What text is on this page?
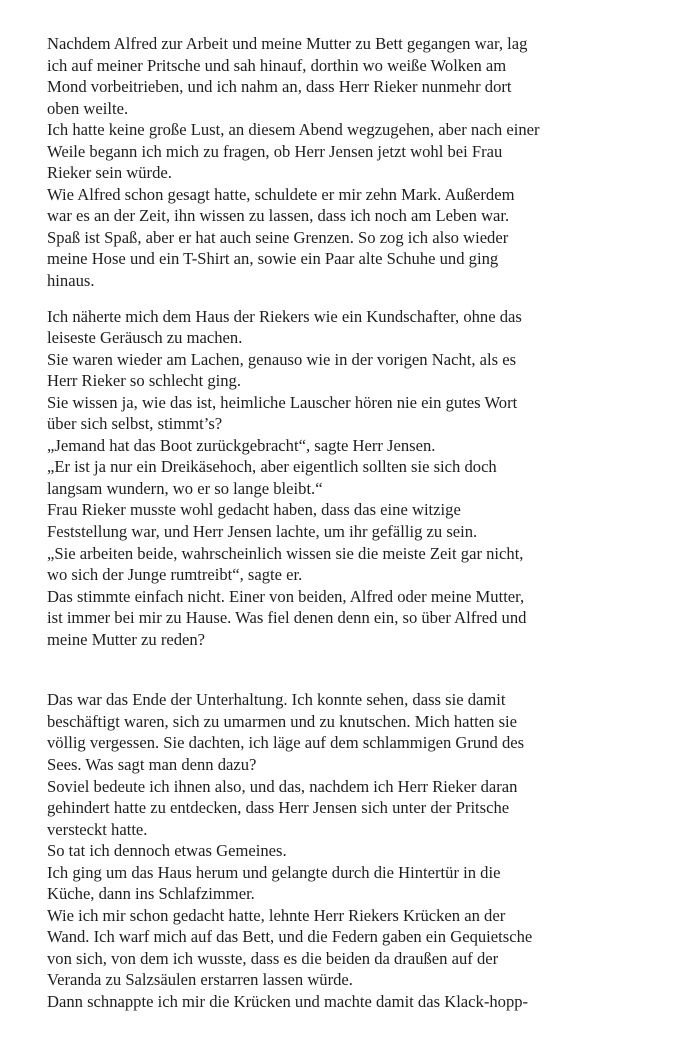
Nachdem Alfred zur Arbeit und meine Mutter zu Bett gegangen war, lag
ich auf meiner Pritsche und sah hinauf, dorthin wo weiße Wolken am
Mond vorbeitrieben, und ich nahm an, dass Herr Rieker nunmehr dort
oben weilte.
Ich hatte keine große Lust, an diesem Abend wegzugehen, aber nach einer
Weile begann ich mich zu fragen, ob Herr Jensen jetzt wohl bei Frau
Rieker sein würde.
Wie Alfred schon gesagt hatte, schuldete er mir zehn Mark. Außerdem
war es an der Zeit, ihn wissen zu lassen, dass ich noch am Leben war.
Spaß ist Spaß, aber er hat auch seine Grenzen. So zog ich also wieder
meine Hose und ein T-Shirt an, sowie ein Paar alte Schuhe und ging
hinaus.
Ich näherte mich dem Haus der Riekers wie ein Kundschafter, ohne das
leiseste Geräusch zu machen.
Sie waren wieder am Lachen, genauso wie in der vorigen Nacht, als es
Herr Rieker so schlecht ging.
Sie wissen ja, wie das ist, heimliche Lauscher hören nie ein gutes Wort
über sich selbst, stimmt’s?
„Jemand hat das Boot zurückgebracht“, sagte Herr Jensen.
„Er ist ja nur ein Dreikäsehoch, aber eigentlich sollten sie sich doch
langsam wundern, wo er so lange bleibt.“
Frau Rieker musste wohl gedacht haben, dass das eine witzige
Feststellung war, und Herr Jensen lachte, um ihr gefällig zu sein.
„Sie arbeiten beide, wahrscheinlich wissen sie die meiste Zeit gar nicht,
wo sich der Junge rumtreibt“, sagte er.
Das stimmte einfach nicht. Einer von beiden, Alfred oder meine Mutter,
ist immer bei mir zu Hause. Was fiel denen denn ein, so über Alfred und
meine Mutter zu reden?
Das war das Ende der Unterhaltung. Ich konnte sehen, dass sie damit
beschäftigt waren, sich zu umarmen und zu knutschen. Mich hatten sie
völlig vergessen. Sie dachten, ich läge auf dem schlammigen Grund des
Sees. Was sagt man denn dazu?
Soviel bedeute ich ihnen also, und das, nachdem ich Herr Rieker daran
gehindert hatte zu entdecken, dass Herr Jensen sich unter der Pritsche
versteckt hatte.
So tat ich dennoch etwas Gemeines.
Ich ging um das Haus herum und gelangte durch die Hintertür in die
Küche, dann ins Schlafzimmer.
Wie ich mir schon gedacht hatte, lehnte Herr Riekers Krücken an der
Wand. Ich warf mich auf das Bett, und die Federn gaben ein Gequietsche
von sich, von dem ich wusste, dass es die beiden da draußen auf der
Veranda zu Salzsäulen erstarren lassen würde.
Dann schnappte ich mir die Krücken und machte damit das Klack-hopp-
